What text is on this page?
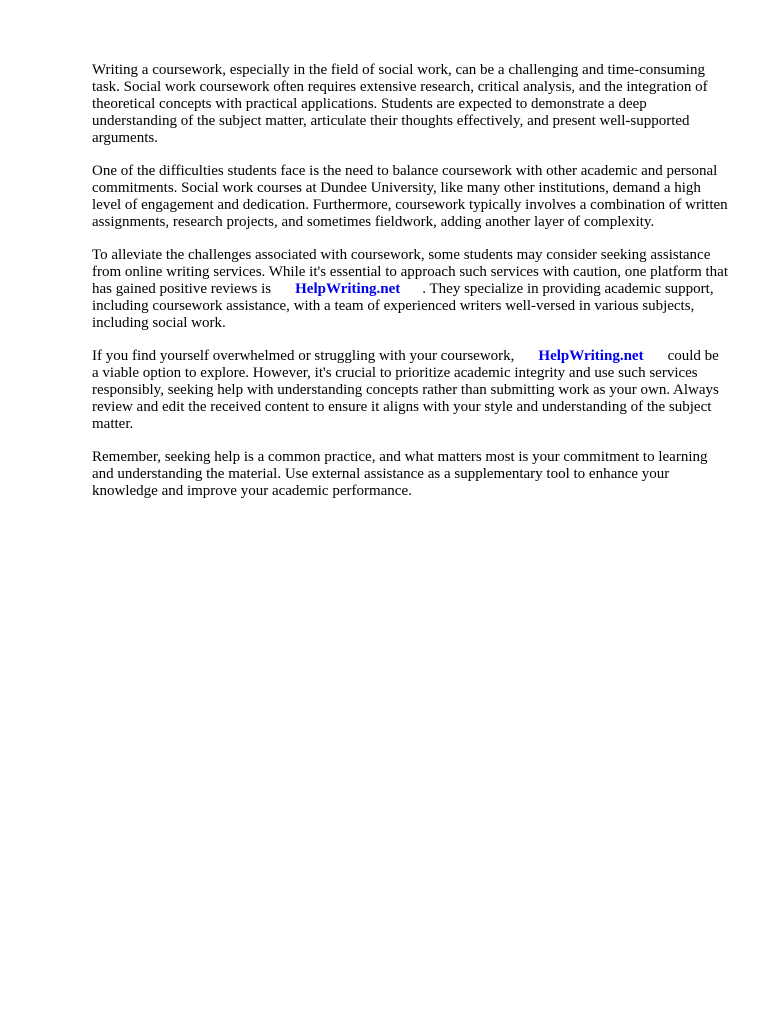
Writing a coursework, especially in the field of social work, can be a challenging and time-consuming task. Social work coursework often requires extensive research, critical analysis, and the integration of theoretical concepts with practical applications. Students are expected to demonstrate a deep understanding of the subject matter, articulate their thoughts effectively, and present well-supported arguments.

One of the difficulties students face is the need to balance coursework with other academic and personal commitments. Social work courses at Dundee University, like many other institutions, demand a high level of engagement and dedication. Furthermore, coursework typically involves a combination of written assignments, research projects, and sometimes fieldwork, adding another layer of complexity.

To alleviate the challenges associated with coursework, some students may consider seeking assistance from online writing services. While it's essential to approach such services with caution, one platform that has gained positive reviews is HelpWriting.net . They specialize in providing academic support, including coursework assistance, with a team of experienced writers well-versed in various subjects, including social work.

If you find yourself overwhelmed or struggling with your coursework, HelpWriting.net could be a viable option to explore. However, it's crucial to prioritize academic integrity and use such services responsibly, seeking help with understanding concepts rather than submitting work as your own. Always review and edit the received content to ensure it aligns with your style and understanding of the subject matter.

Remember, seeking help is a common practice, and what matters most is your commitment to learning and understanding the material. Use external assistance as a supplementary tool to enhance your knowledge and improve your academic performance.
